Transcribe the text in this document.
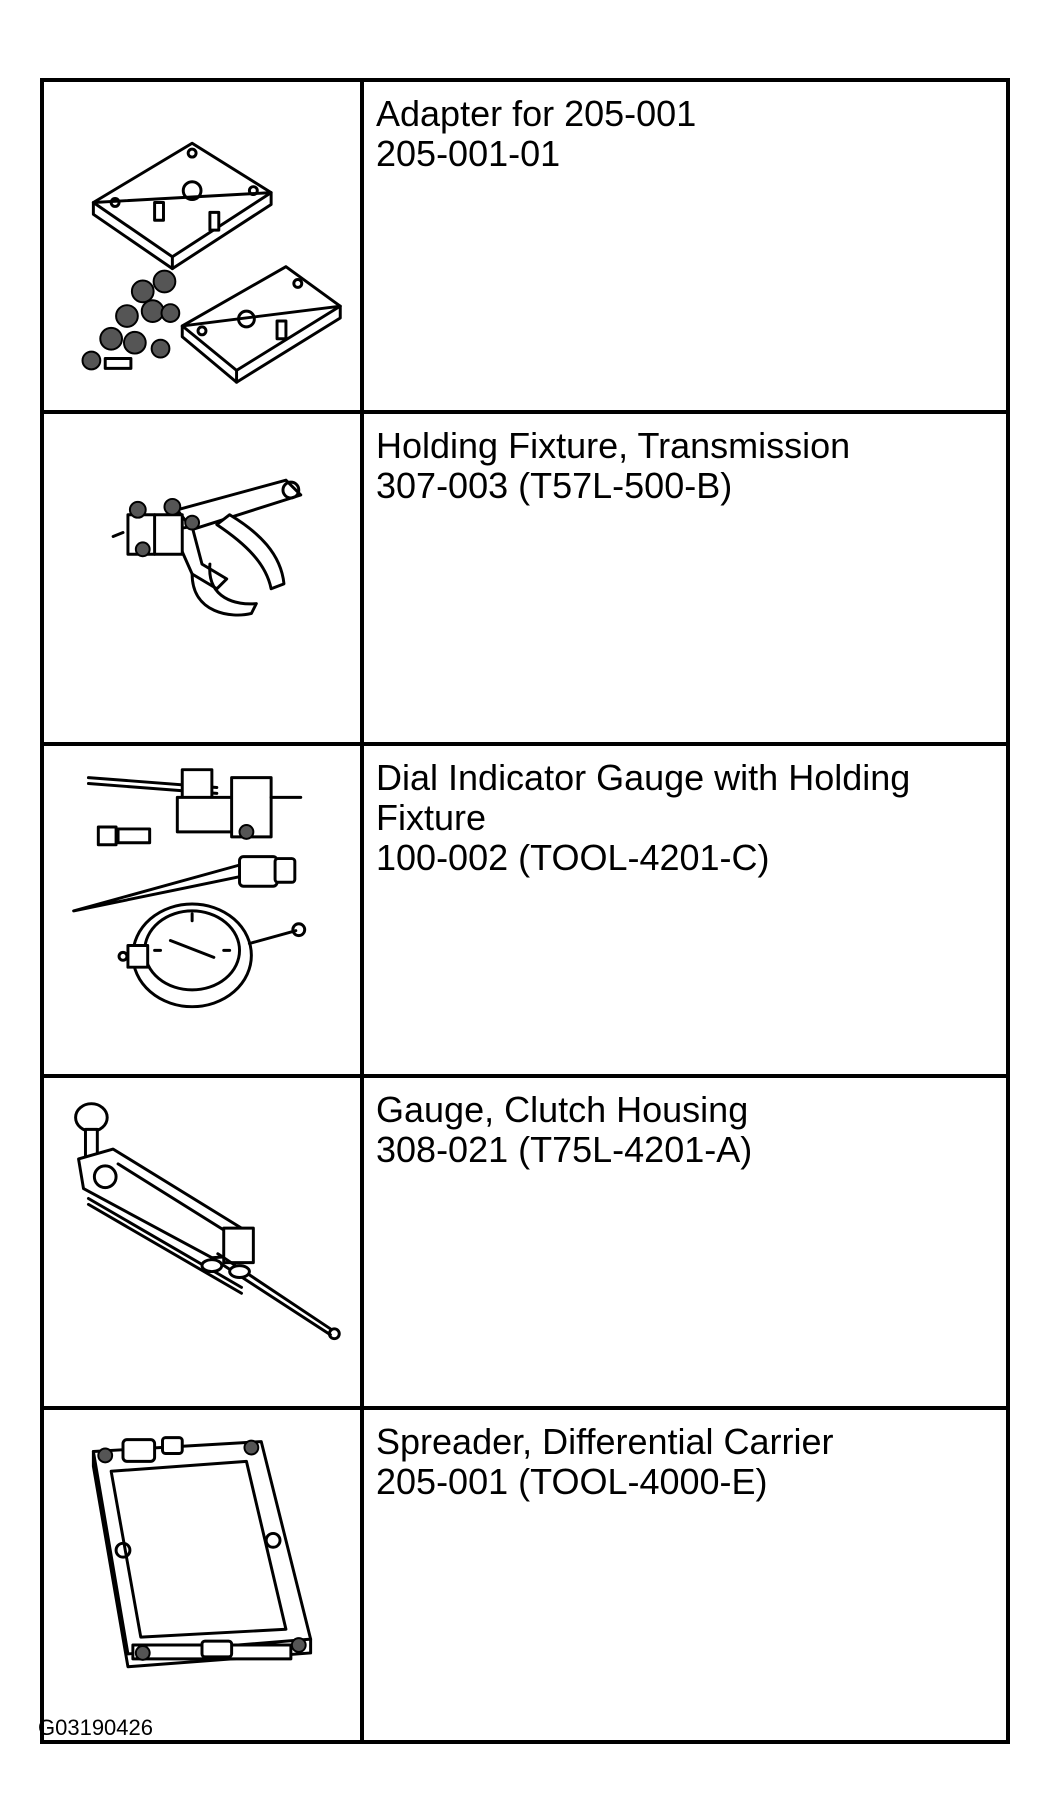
Adapter for 205-001
205-001-01

Holding Fixture, Transmission
307-003 (T57L-500-B)

Dial Indicator Gauge with Holding Fixture
100-002 (TOOL-4201-C)

Gauge, Clutch Housing
308-021 (T75L-4201-A)

Spreader, Differential Carrier
205-001 (TOOL-4000-E)
G03190426
